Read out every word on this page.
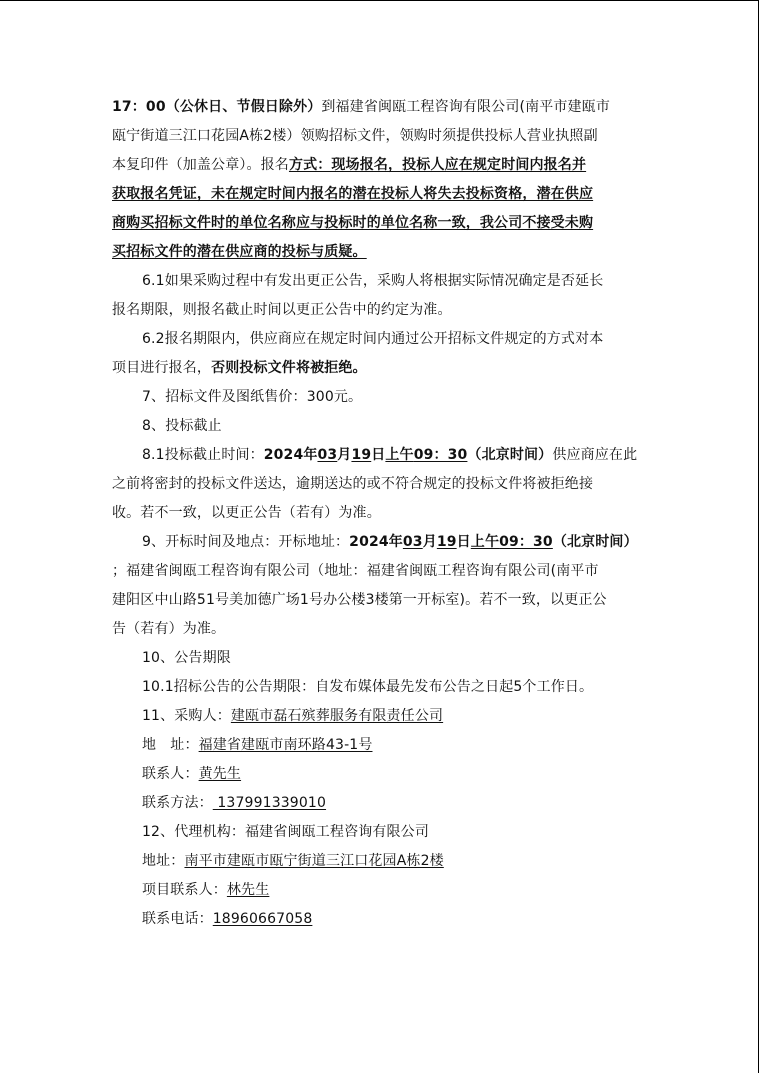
17：00（公休日、节假日除外）到福建省闽瓯工程咨询有限公司(南平市建瓯市
瓯宁街道三江口花园A栋2楼）领购招标文件，领购时须提供投标人营业执照副
本复印件（加盖公章）。报名方式：现场报名，投标人应在规定时间内报名并
获取报名凭证，未在规定时间内报名的潜在投标人将失去投标资格，潜在供应
商购买招标文件时的单位名称应与投标时的单位名称一致，我公司不接受未购
买招标文件的潜在供应商的投标与质疑。
6.1如果采购过程中有发出更正公告，采购人将根据实际情况确定是否延长
报名期限，则报名截止时间以更正公告中的约定为准。
6.2报名期限内，供应商应在规定时间内通过公开招标文件规定的方式对本
项目进行报名，否则投标文件将被拒绝。
7、招标文件及图纸售价：300元。
8、投标截止
8.1投标截止时间：2024年03月19日上午09：30（北京时间）供应商应在此
之前将密封的投标文件送达，逾期送达的或不符合规定的投标文件将被拒绝接
收。若不一致，以更正公告（若有）为准。
9、开标时间及地点：开标地址：2024年03月19日上午09：30（北京时间）
；福建省闽瓯工程咨询有限公司（地址：福建省闽瓯工程咨询有限公司(南平市
建阳区中山路51号美加德广场1号办公楼3楼第一开标室)。若不一致，以更正公
告（若有）为准。
10、公告期限
10.1招标公告的公告期限：自发布媒体最先发布公告之日起5个工作日。
11、采购人：建瓯市磊石殡葬服务有限责任公司
地　址：福建省建瓯市南环路43-1号
联系人：黄先生
联系方法： 137991339010
12、代理机构：福建省闽瓯工程咨询有限公司
地址：南平市建瓯市瓯宁街道三江口花园A栋2楼
项目联系人：林先生
联系电话：18960667058
